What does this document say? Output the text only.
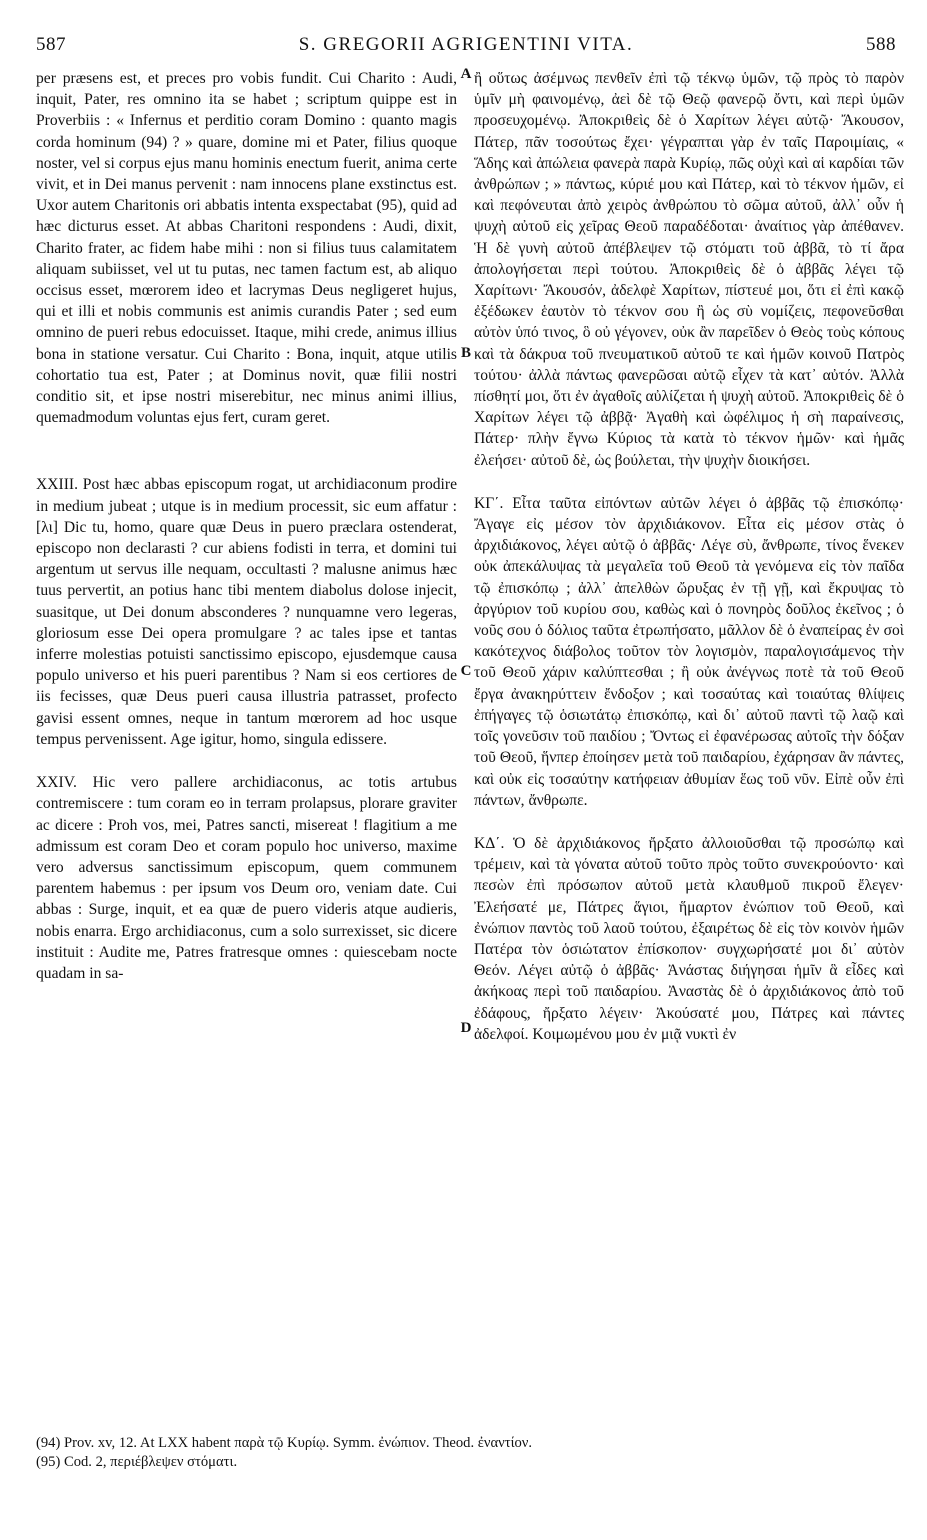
587	S. GREGORII AGRIGENTINI VITA.	588

per præsens est, et preces pro vobis fundit. Cui Charito : Audi, inquit, Pater, res omnino ita se habet ; scriptum quippe est in Proverbiis : « Infernus et perditio coram Domino : quanto magis corda hominum (94) ? » quare, domine mi et Pater, filius quoque noster, vel si corpus ejus manu hominis enectum fuerit, anima certe vivit, et in Dei manus pervenit : nam innocens plane exstinctus est. Uxor autem Charitonis ori abbatis intenta exspectabat (95), quid ad hæc dicturus esset. At abbas Charitoni respondens : Audi, dixit, Charito frater, ac fidem habe mihi : non si filius tuus calamitatem aliquam subiisset, vel ut tu putas, nec tamen factum est, ab aliquo occisus esset, mœrorem ideo et lacrymas Deus negligeret hujus, qui et illi et nobis communis est animis curandis Pater ; sed eum omnino de pueri rebus edocuisset. Itaque, mihi crede, animus illius bona in statione versatur. Cui Charito : Bona, inquit, atque utilis cohortatio tua est, Pater ; at Dominus novit, quæ filii nostri conditio sit, et ipse nostri miserebitur, nec minus animi illius, quemadmodum voluntas ejus fert, curam geret.

XXIII. Post hæc abbas episcopum rogat, ut archidiaconum prodire in medium jubeat ; utque is in medium processit, sic eum affatur : [λι] Dic tu, homo, quare quæ Deus in puero præclara ostenderat, episcopo non declarasti ? cur abiens fodisti in terra, et domini tui argentum ut servus ille nequam, occultasti ? malusne animus hæc tuus pervertit, an potius hanc tibi mentem diabolus dolose injecit, suasitque, ut Dei donum absconderes ? nunquamne vero legeras, gloriosum esse Dei opera promulgare ? ac tales ipse et tantas inferre molestias potuisti sanctissimo episcopo, ejusdemque causa populo universo et his pueri parentibus ? Nam si eos certiores de iis fecisses, quæ Deus pueri causa illustria patrasset, profecto gavisi essent omnes, neque in tantum mœrorem ad hoc usque tempus pervenissent. Age igitur, homo, singula edissere.

XXIV. Hic vero pallere archidiaconus, ac totis artubus contremiscere : tum coram eo in terram prolapsus, plorare graviter ac dicere : Proh vos, mei, Patres sancti, misereat ! flagitium a me admissum est coram Deo et coram populo hoc universo, maxime vero adversus sanctissimum episcopum, quem communem parentem habemus : per ipsum vos Deum oro, veniam date. Cui abbas : Surge, inquit, et ea quæ de puero videris atque audieris, nobis enarra. Ergo archidiaconus, cum a solo surrexisset, sic dicere instituit : Audite me, Patres fratresque omnes : quiescebam nocte quadam in sa-

A
B
C
D

ἢ οὕτως ἀσέμνως πενθεῖν ἐπὶ τῷ τέκνῳ ὑμῶν, τῷ πρὸς τὸ παρὸν ὑμῖν μὴ φαινομένῳ, ἀεὶ δὲ τῷ Θεῷ φανερῷ ὄντι, καὶ περὶ ὑμῶν προσευχομένῳ. Ἀποκριθεὶς δὲ ὁ Χαρίτων λέγει αὐτῷ· Ἄκουσον, Πάτερ, πᾶν τοσούτως ἔχει· γέγραπται γὰρ ἐν ταῖς Παροιμίαις, « Ἅδης καὶ ἀπώλεια φανερὰ παρὰ Κυρίῳ, πῶς οὐχὶ καὶ αἱ καρδίαι τῶν ἀνθρώπων ; » πάντως, κύριέ μου καὶ Πάτερ, καὶ τὸ τέκνον ἡμῶν, εἰ καὶ πεφόνευται ἀπὸ χειρὸς ἀνθρώπου τὸ σῶμα αὐτοῦ, ἀλλ᾽ οὖν ἡ ψυχὴ αὐτοῦ εἰς χεῖρας Θεοῦ παραδέδοται· ἀναίτιος γὰρ ἀπέθανεν. Ἡ δὲ γυνὴ αὐτοῦ ἀπέβλεψεν τῷ στόματι τοῦ ἀββᾶ, τὸ τί ἄρα ἀπολογήσεται περὶ τούτου. Ἀποκριθεὶς δὲ ὁ ἀββᾶς λέγει τῷ Χαρίτωνι· Ἄκουσόν, ἀδελφὲ Χαρίτων, πίστευέ μοι, ὅτι εἰ ἐπὶ κακῷ ἐξέδωκεν ἑαυτὸν τὸ τέκνον σου ἢ ὡς σὺ νομίζεις, πεφονεῦσθαι αὐτὸν ὑπό τινος, ὃ οὐ γέγονεν, οὐκ ἂν παρεῖδεν ὁ Θεὸς τοὺς κόπους καὶ τὰ δάκρυα τοῦ πνευματικοῦ αὐτοῦ τε καὶ ἡμῶν κοινοῦ Πατρὸς τούτου· ἀλλὰ πάντως φανερῶσαι αὐτῷ εἶχεν τὰ κατ᾽ αὐτόν. Ἀλλὰ πίσθητί μοι, ὅτι ἐν ἀγαθοῖς αὐλίζεται ἡ ψυχὴ αὐτοῦ. Ἀποκριθεὶς δὲ ὁ Χαρίτων λέγει τῷ ἀββᾷ· Ἀγαθὴ καὶ ὠφέλιμος ἡ σὴ παραίνεσις, Πάτερ· πλὴν ἔγνω Κύριος τὰ κατὰ τὸ τέκνον ἡμῶν· καὶ ἡμᾶς ἐλεήσει· αὐτοῦ δὲ, ὡς βούλεται, τὴν ψυχὴν διοικήσει.

ΚΓ΄. Εἶτα ταῦτα εἰπόντων αὐτῶν λέγει ὁ ἀββᾶς τῷ ἐπισκόπῳ· Ἄγαγε εἰς μέσον τὸν ἀρχιδιάκονον. Εἶτα εἰς μέσον στὰς ὁ ἀρχιδιάκονος, λέγει αὐτῷ ὁ ἀββᾶς· Λέγε σὺ, ἄνθρωπε, τίνος ἕνεκεν οὐκ ἀπεκάλυψας τὰ μεγαλεῖα τοῦ Θεοῦ τὰ γενόμενα εἰς τὸν παῖδα τῷ ἐπισκόπῳ ; ἀλλ᾽ ἀπελθὼν ὤρυξας ἐν τῇ γῇ, καὶ ἔκρυψας τὸ ἀργύριον τοῦ κυρίου σου, καθὼς καὶ ὁ πονηρὸς δοῦλος ἐκεῖνος ; ὁ νοῦς σου ὁ δόλιος ταῦτα ἐτρωπήσατο, μᾶλλον δὲ ὁ ἐναπείρας ἐν σοὶ κακότεχνος διάβολος τοῦτον τὸν λογισμὸν, παραλογισάμενος τὴν τοῦ Θεοῦ χάριν καλύπτεσθαι ; ἢ οὐκ ἀνέγνως ποτὲ τὰ τοῦ Θεοῦ ἔργα ἀνακηρύττειν ἔνδοξον ; καὶ τοσαύτας καὶ τοιαύτας θλίψεις ἐπήγαγες τῷ ὁσιωτάτῳ ἐπισκόπῳ, καὶ δι᾽ αὐτοῦ παντὶ τῷ λαῷ καὶ τοῖς γονεῦσιν τοῦ παιδίου ; Ὄντως εἰ ἐφανέρωσας αὐτοῖς τὴν δόξαν τοῦ Θεοῦ, ἥνπερ ἐποίησεν μετὰ τοῦ παιδαρίου, ἐχάρησαν ἂν πάντες, καὶ οὐκ εἰς τοσαύτην κατήφειαν ἀθυμίαν ἕως τοῦ νῦν. Εἰπὲ οὖν ἐπὶ πάντων, ἄνθρωπε.

ΚΔ΄. Ὁ δὲ ἀρχιδιάκονος ἤρξατο ἀλλοιοῦσθαι τῷ προσώπῳ καὶ τρέμειν, καὶ τὰ γόνατα αὐτοῦ τοῦτο πρὸς τοῦτο συνεκρούοντο· καὶ πεσὼν ἐπὶ πρόσωπον αὐτοῦ μετὰ κλαυθμοῦ πικροῦ ἔλεγεν· Ἐλεήσατέ με, Πάτρες ἅγιοι, ἥμαρτον ἐνώπιον τοῦ Θεοῦ, καὶ ἐνώπιον παντὸς τοῦ λαοῦ τούτου, ἐξαιρέτως δὲ εἰς τὸν κοινὸν ἡμῶν Πατέρα τὸν ὁσιώτατον ἐπίσκοπον· συγχωρήσατέ μοι δι᾽ αὐτὸν Θεόν. Λέγει αὐτῷ ὁ ἀββᾶς· Ἀνάστας διήγησαι ἡμῖν ἃ εἶδες καὶ ἀκήκοας περὶ τοῦ παιδαρίου. Ἀναστὰς δὲ ὁ ἀρχιδιάκονος ἀπὸ τοῦ ἐδάφους, ἤρξατο λέγειν· Ἀκούσατέ μου, Πάτρες καὶ πάντες ἀδελφοί. Κοιμωμένου μου ἐν μιᾷ νυκτὶ ἐν

(94) Prov. xv, 12. At LXX habent παρὰ τῷ Κυρίῳ. Symm. ἐνώπιον. Theod. ἐναντίον.
(95) Cod. 2, περιέβλεψεν στόματι.
